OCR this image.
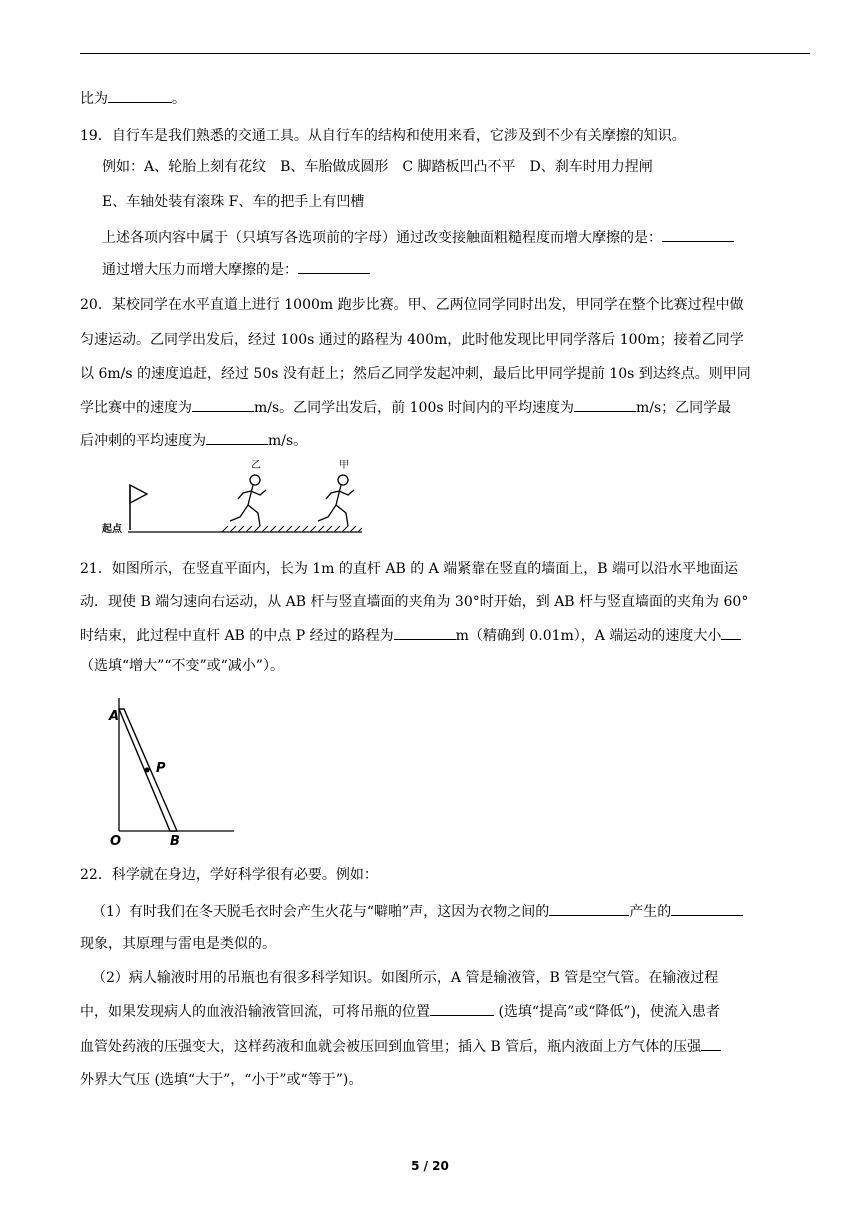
比为	。
19．自行车是我们熟悉的交通工具。从自行车的结构和使用来看，它涉及到不少有关摩擦的知识。
例如：A、轮胎上刻有花纹　B、车胎做成圆形　C 脚踏板凹凸不平　D、刹车时用力捏闸
E、车轴处装有滚珠 F、车的把手上有凹槽
上述各项内容中属于（只填写各选项前的字母）通过改变接触面粗糙程度而增大摩擦的是：
通过增大压力而增大摩擦的是：
20．某校同学在水平直道上进行 1000m 跑步比赛。甲、乙两位同学同时出发，甲同学在整个比赛过程中做
匀速运动。乙同学出发后，经过 100s 通过的路程为 400m，此时他发现比甲同学落后 100m；接着乙同学
以 6m/s 的速度追赶，经过 50s 没有赶上；然后乙同学发起冲刺，最后比甲同学提前 10s 到达终点。则甲同
学比赛中的速度为	m/s。乙同学出发后，前 100s 时间内的平均速度为	m/s；乙同学最
后冲刺的平均速度为	m/s。
起点
乙	甲
21．如图所示，在竖直平面内，长为 1m 的直杆 AB 的 A 端紧靠在竖直的墙面上，B 端可以沿水平地面运
动．现使 B 端匀速向右运动，从 AB 杆与竖直墙面的夹角为 30°时开始，到 AB 杆与竖直墙面的夹角为 60°
时结束，此过程中直杆 AB 的中点 P 经过的路程为	m（精确到 0.01m），A 端运动的速度大小
（选填“增大”“不变”或“减小”）。
A
P
O	B
22．科学就在身边，学好科学很有必要。例如：
（1）有时我们在冬天脱毛衣时会产生火花与“噼啪”声，这因为衣物之间的	产生的
现象，其原理与雷电是类似的。
（2）病人输液时用的吊瓶也有很多科学知识。如图所示，A 管是输液管，B 管是空气管。在输液过程
中，如果发现病人的血液沿输液管回流，可将吊瓶的位置	(选填“提高”或“降低”)，使流入患者
血管处药液的压强变大，这样药液和血就会被压回到血管里；插入 B 管后，瓶内液面上方气体的压强
外界大气压 (选填“大于”，“小于”或“等于”)。
5 / 20
